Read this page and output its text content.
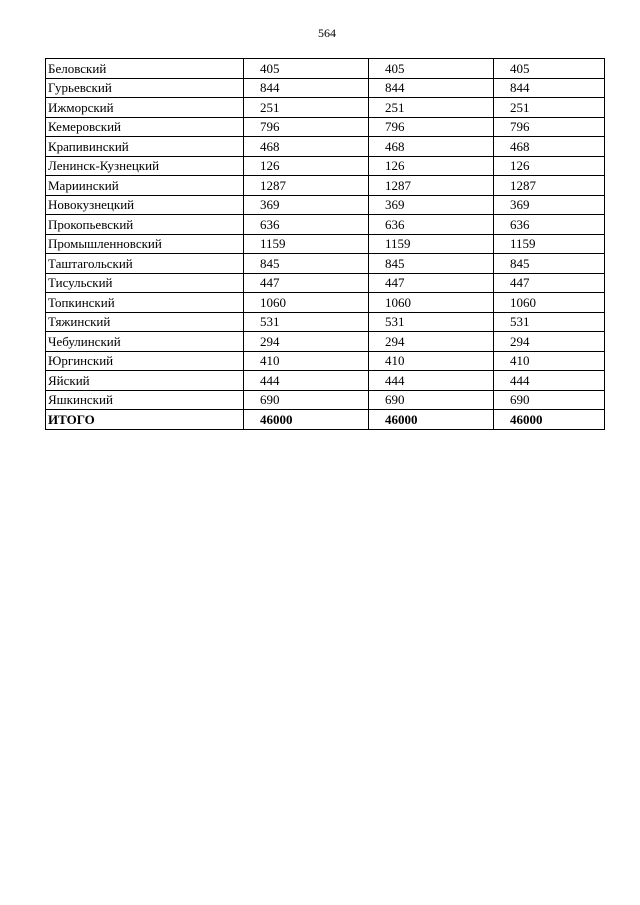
564
Беловский	405	405	405
Гурьевский	844	844	844
Ижморский	251	251	251
Кемеровский	796	796	796
Крапивинский	468	468	468
Ленинск-Кузнецкий	126	126	126
Мариинский	1287	1287	1287
Новокузнецкий	369	369	369
Прокопьевский	636	636	636
Промышленновский	1159	1159	1159
Таштагольский	845	845	845
Тисульский	447	447	447
Топкинский	1060	1060	1060
Тяжинский	531	531	531
Чебулинский	294	294	294
Юргинский	410	410	410
Яйский	444	444	444
Яшкинский	690	690	690
ИТОГО	46000	46000	46000
